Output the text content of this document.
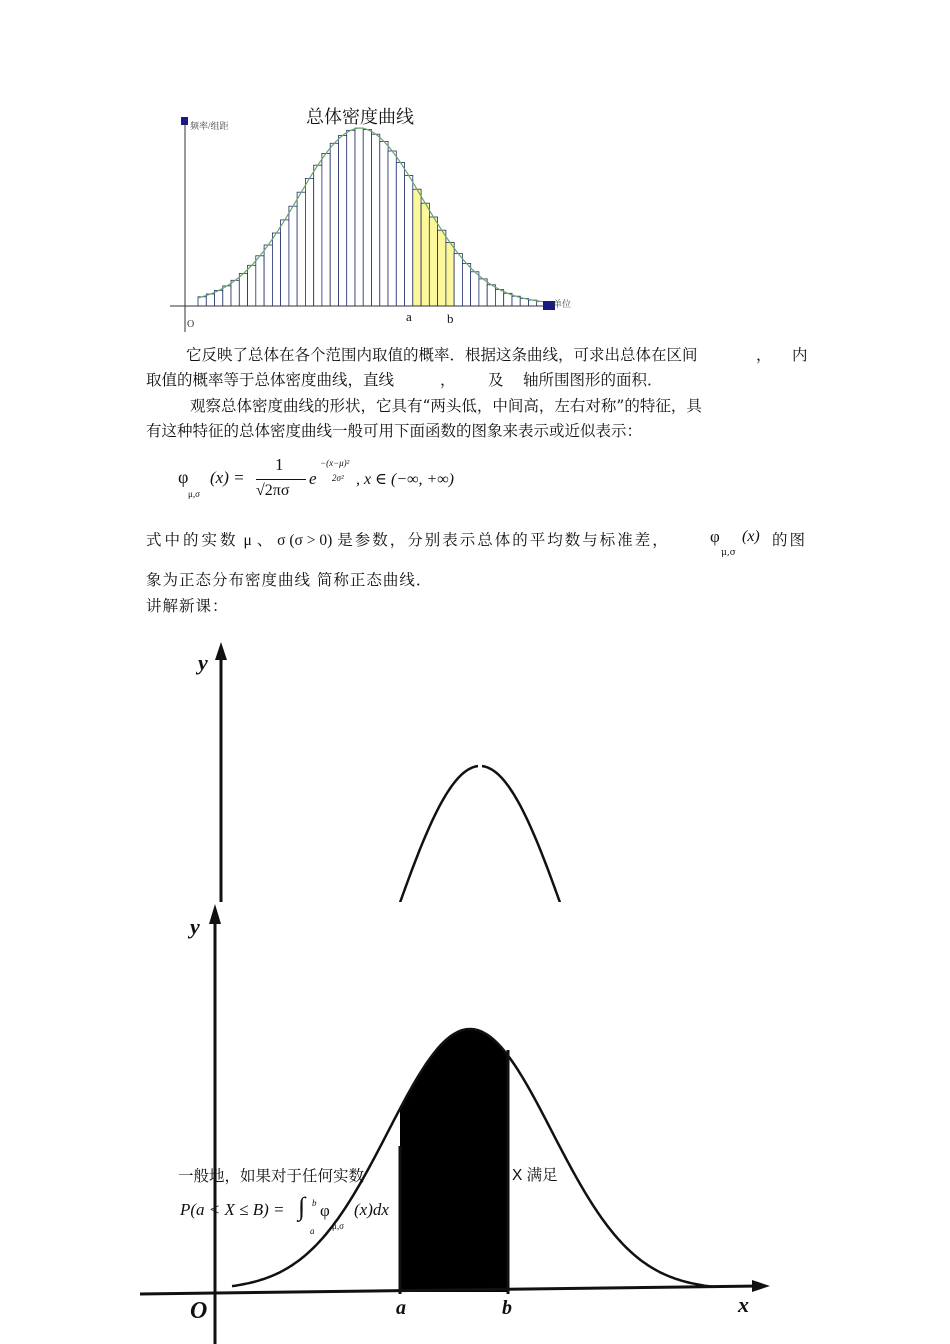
频率/组距
单位
总体密度曲线
O
a	b
它反映了总体在各个范围内取值的概率．根据这条曲线，可求出总体在区间	， 内
取值的概率等于总体密度曲线，直线	， 及 轴所围图形的面积．
观察总体密度曲线的形状，它具有“两头低，中间高，左右对称”的特征，具
有这种特征的总体密度曲线一般可用下面函数的图象来表示或近似表示：
φ
μ,σ
(x) =
1
√2πσ
e
−(x−μ)²
2σ² , x ∈ (−∞, +∞)
式中的实数 μ 、 σ (σ > 0) 是参数，分别表示总体的平均数与标准差， φ
μ,σ
(x) 的图
象为正态分布密度曲线 简称正态曲线．
讲解新课：
y
y
x
O	a	b
一般地，如果对于任何实数	X 满足
P(a < X ≤ B) = ∫ b
a
φ
μ,σ
(x)dx
